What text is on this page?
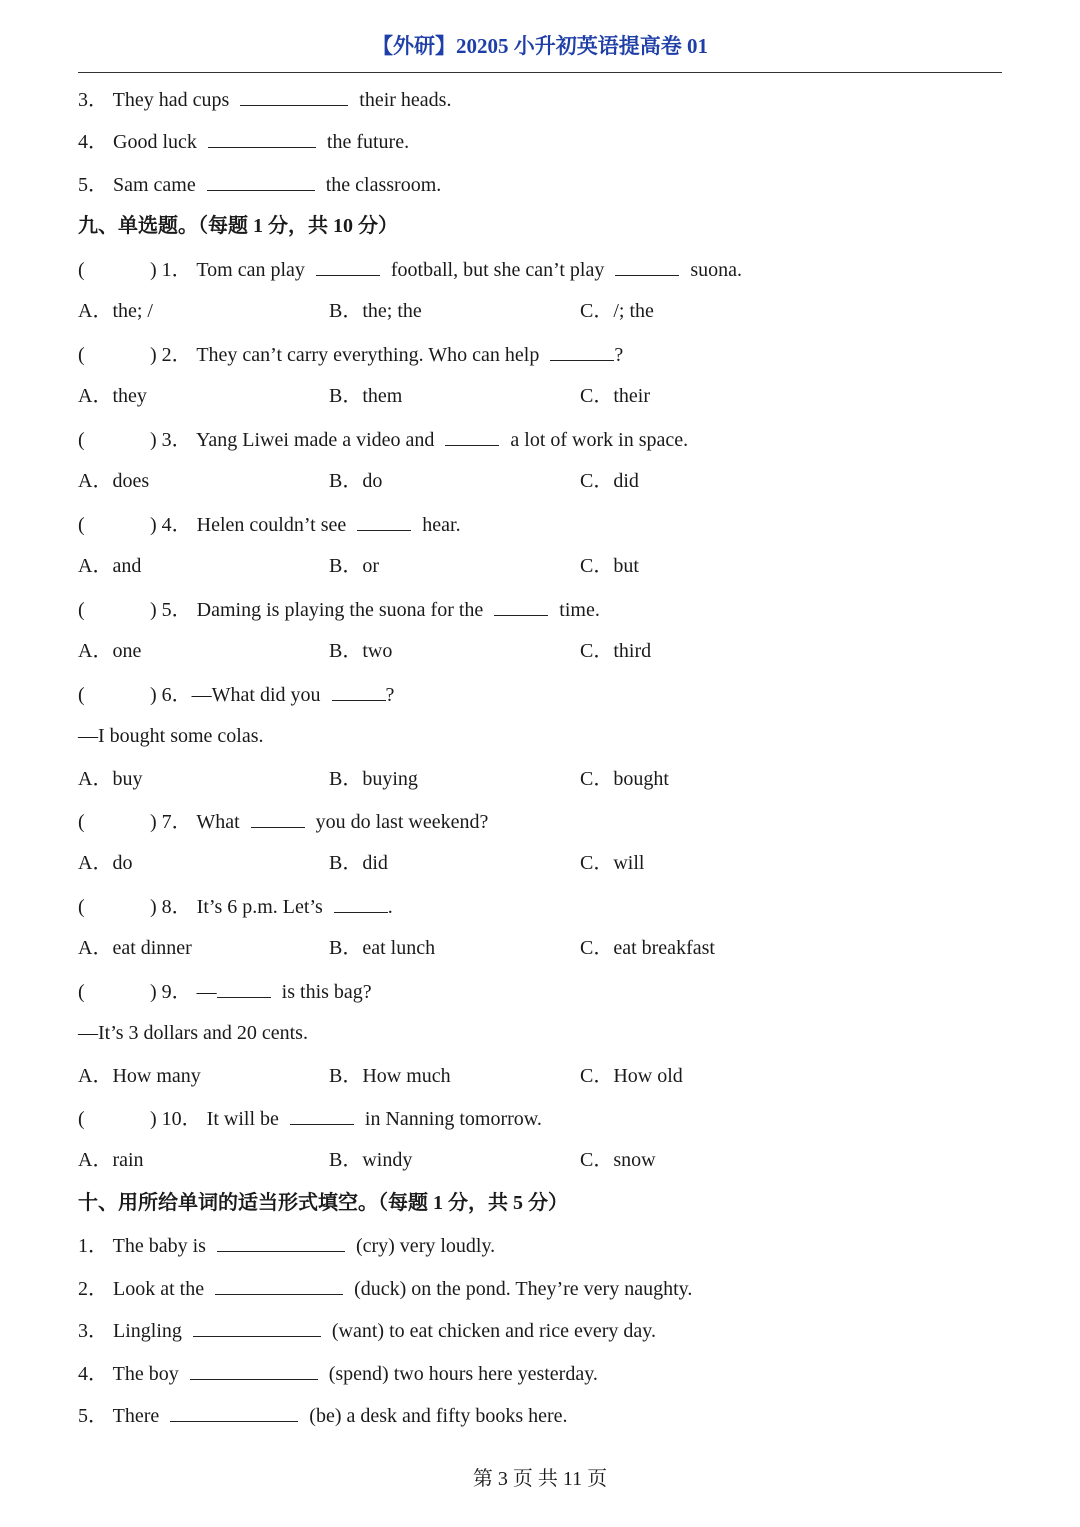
【外研】20205 小升初英语提高卷 01
3． They had cups	their heads.
4． Good luck	the future.
5． Sam came	the classroom.
九、单选题。（每题 1 分，共 10 分）
(	) 1． Tom can play	football, but she can’t play	suona.
A．the; /	B．the; the	C．/; the
(	) 2． They can’t carry everything. Who can help	?
A．they	B．them	C．their
(	) 3． Yang Liwei made a video and	a lot of work in space.
A．does	B．do	C．did
(	) 4． Helen couldn’t see	hear.
A．and	B．or	C．but
(	) 5． Daming is playing the suona for the	time.
A．one	B．two	C．third
(	) 6．—What did you	?
—I bought some colas.
A．buy	B．buying	C．bought
(	) 7． What	you do last weekend?
A．do	B．did	C．will
(	) 8． It’s 6 p.m. Let’s	.
A．eat dinner	B．eat lunch	C．eat breakfast
(	) 9． —	is this bag?
—It’s 3 dollars and 20 cents.
A．How many	B．How much	C．How old
(	) 10． It will be	in Nanning tomorrow.
A．rain	B．windy	C．snow
十、用所给单词的适当形式填空。（每题 1 分，共 5 分）
1． The baby is	(cry) very loudly.
2． Look at the	(duck) on the pond. They’re very naughty.
3． Lingling	(want) to eat chicken and rice every day.
4． The boy	(spend) two hours here yesterday.
5． There	(be) a desk and fifty books here.
第 3 页 共 11 页
